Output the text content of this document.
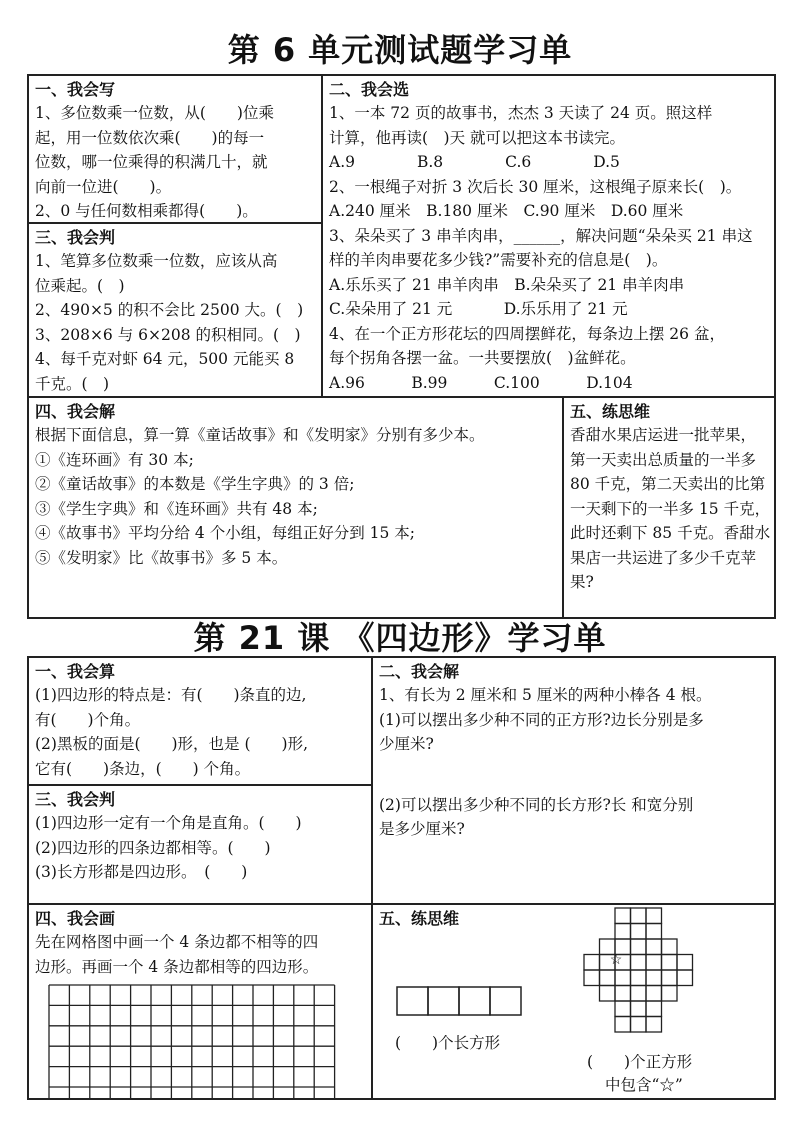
第 6 单元测试题学习单
一、我会写
1、多位数乘一位数，从(　　)位乘
起，用一位数依次乘(　　)的每一
位数，哪一位乘得的积满几十，就
向前一位进(　　)。
2、0 与任何数相乘都得(　　)。
三、我会判
1、笔算多位数乘一位数，应该从高
位乘起。(　)
2、490×5 的积不会比 2500 大。(　)
3、208×6 与 6×208 的积相同。(　)
4、每千克对虾 64 元，500 元能买 8
千克。(　)
二、我会选
1、一本 72 页的故事书，杰杰 3 天读了 24 页。照这样
计算，他再读(　)天 就可以把这本书读完。
A.9　　　　B.8　　　　C.6　　　　D.5
2、一根绳子对折 3 次后长 30 厘米，这根绳子原来长(　)。
A.240 厘米　B.180 厘米　C.90 厘米　D.60 厘米
3、朵朵买了 3 串羊肉串，______，解决问题“朵朵买 21 串这
样的羊肉串要花多少钱?”需要补充的信息是(　)。
A.乐乐买了 21 串羊肉串　B.朵朵买了 21 串羊肉串
C.朵朵用了 21 元　　　 D.乐乐用了 21 元
4、在一个正方形花坛的四周摆鲜花，每条边上摆 26 盆，
每个拐角各摆一盆。一共要摆放(　)盆鲜花。
A.96　　　B.99　　　C.100　　　D.104
四、我会解
根据下面信息，算一算《童话故事》和《发明家》分别有多少本。
①《连环画》有 30 本;
②《童话故事》的本数是《学生字典》的 3 倍;
③《学生字典》和《连环画》共有 48 本;
④《故事书》平均分给 4 个小组，每组正好分到 15 本;
⑤《发明家》比《故事书》多 5 本。
五、练思维
香甜水果店运进一批苹果，
第一天卖出总质量的一半多
80 千克，第二天卖出的比第
一天剩下的一半多 15 千克，
此时还剩下 85 千克。香甜水
果店一共运进了多少千克苹
果?
第 21 课 《四边形》学习单
一、我会算
(1)四边形的特点是：有(　　)条直的边,
有(　　)个角。
(2)黑板的面是(　　)形，也是 (　　)形,
它有(　　)条边，(　　) 个角。
三、我会判
(1)四边形一定有一个角是直角。(　　)
(2)四边形的四条边都相等。(　　)
(3)长方形都是四边形。　(　　)
二、我会解
1、有长为 2 厘米和 5 厘米的两种小棒各 4 根。
(1)可以摆出多少种不同的正方形?边长分别是多
少厘米?
(2)可以摆出多少种不同的长方形?长 和宽分别
是多少厘米?
四、我会画
先在网格图中画一个 4 条边都不相等的四
边形。再画一个 4 条边都相等的四边形。
五、练思维
(　　)个长方形
☆
(　　)个正方形
中包含“☆”
